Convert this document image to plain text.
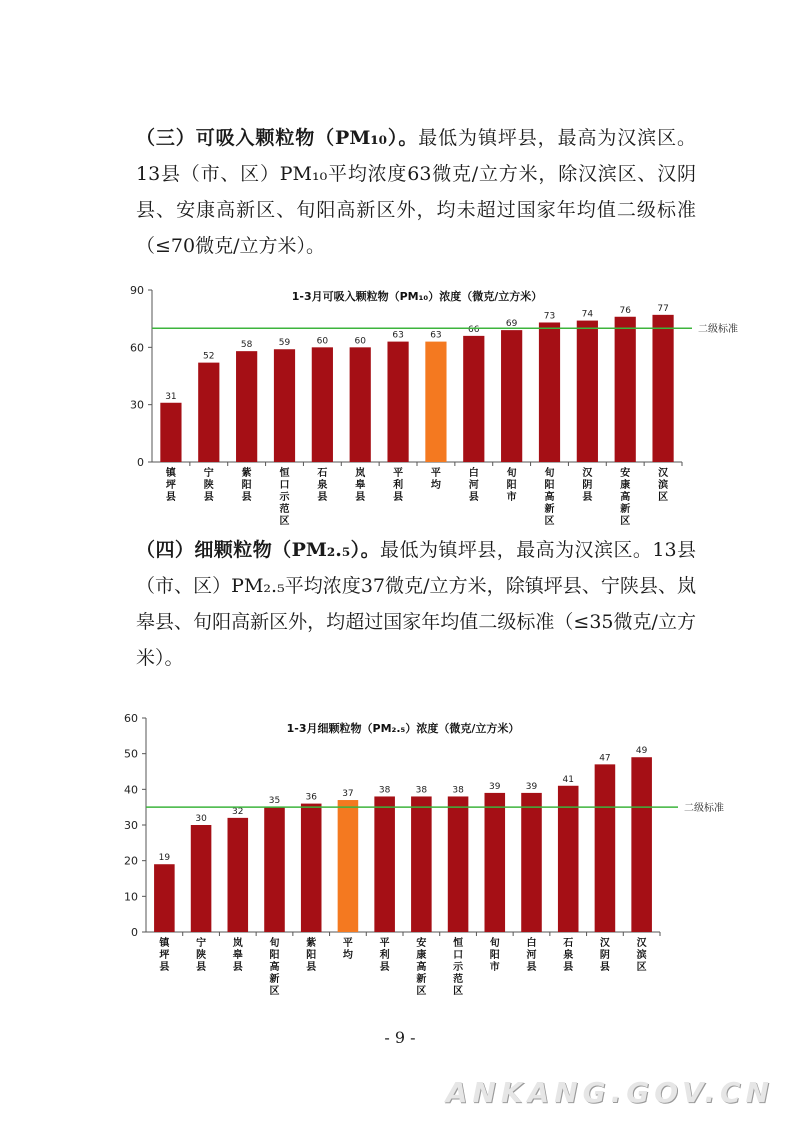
（三）可吸入颗粒物（PM₁₀）。最低为镇坪县，最高为汉滨区。13县（市、区）PM₁₀平均浓度63微克/立方米，除汉滨区、汉阴县、安康高新区、旬阳高新区外，均未超过国家年均值二级标准（≤70微克/立方米）。
1-3月可吸入颗粒物（PM₁₀）浓度（微克/立方米）
0
30
60
90
31
镇坪县
52
宁陕县
58
紫阳县
59
恒口示范区
60
石泉县
60
岚皋县
63
平利县
63
平均
66
白河县
69
旬阳市
73
旬阳高新区
74
汉阴县
76
安康高新区
77
汉滨区
二级标准
（四）细颗粒物（PM₂.₅）。最低为镇坪县，最高为汉滨区。13县（市、区）PM₂.₅平均浓度37微克/立方米，除镇坪县、宁陕县、岚皋县、旬阳高新区外，均超过国家年均值二级标准（≤35微克/立方米）。
1-3月细颗粒物（PM₂.₅）浓度（微克/立方米）
0
10
20
30
40
50
60
19
镇坪县
30
宁陕县
32
岚皋县
35
旬阳高新区
36
紫阳县
37
平均
38
平利县
38
安康高新区
38
恒口示范区
39
旬阳市
39
白河县
41
石泉县
47
汉阴县
49
汉滨区
二级标准
- 9 -
ANKANG.GOV.CN
